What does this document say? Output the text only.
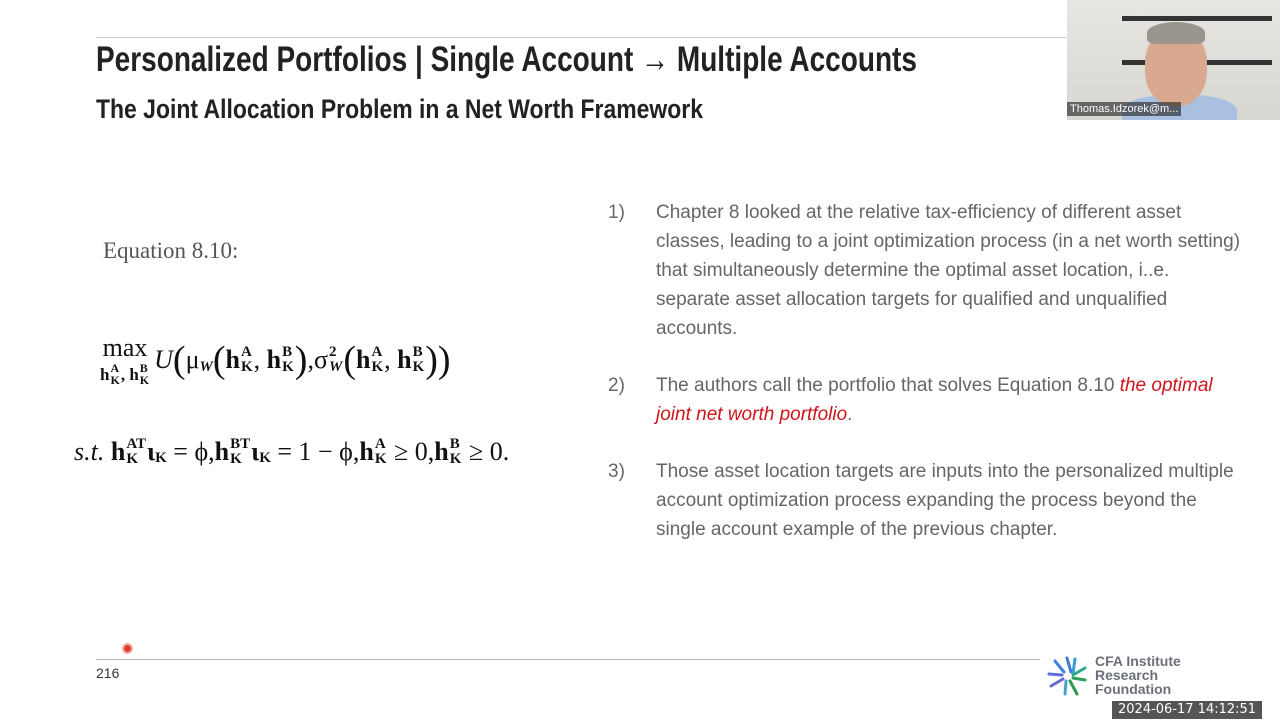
Personalized Portfolios | Single Account → Multiple Accounts
The Joint Allocation Problem in a Net Worth Framework
Equation 8.10:
max
h A
K , h B
K
U ( μ W ( h A
K , h B
K ) ,σ 2
W ( h A
K , h B
K ))
s.t.
h AT
K ι K = ϕ, h BT
K ι K = 1 − ϕ, h A
K ≥ 0, h B
K ≥ 0.
1)	Chapter 8 looked at the relative tax-efficiency of different asset classes, leading to a joint optimization process (in a net worth setting) that simultaneously determine the optimal asset location, i..e. separate asset allocation targets for qualified and unqualified accounts.
2)	The authors call the portfolio that solves Equation 8.10 the optimal joint net worth portfolio.
3)	Those asset location targets are inputs into the personalized multiple account optimization process expanding the process beyond the single account example of the previous chapter.
216
CFA Institute Research Foundation
2024-06-17 14:12:51
Thomas.Idzorek@m...
